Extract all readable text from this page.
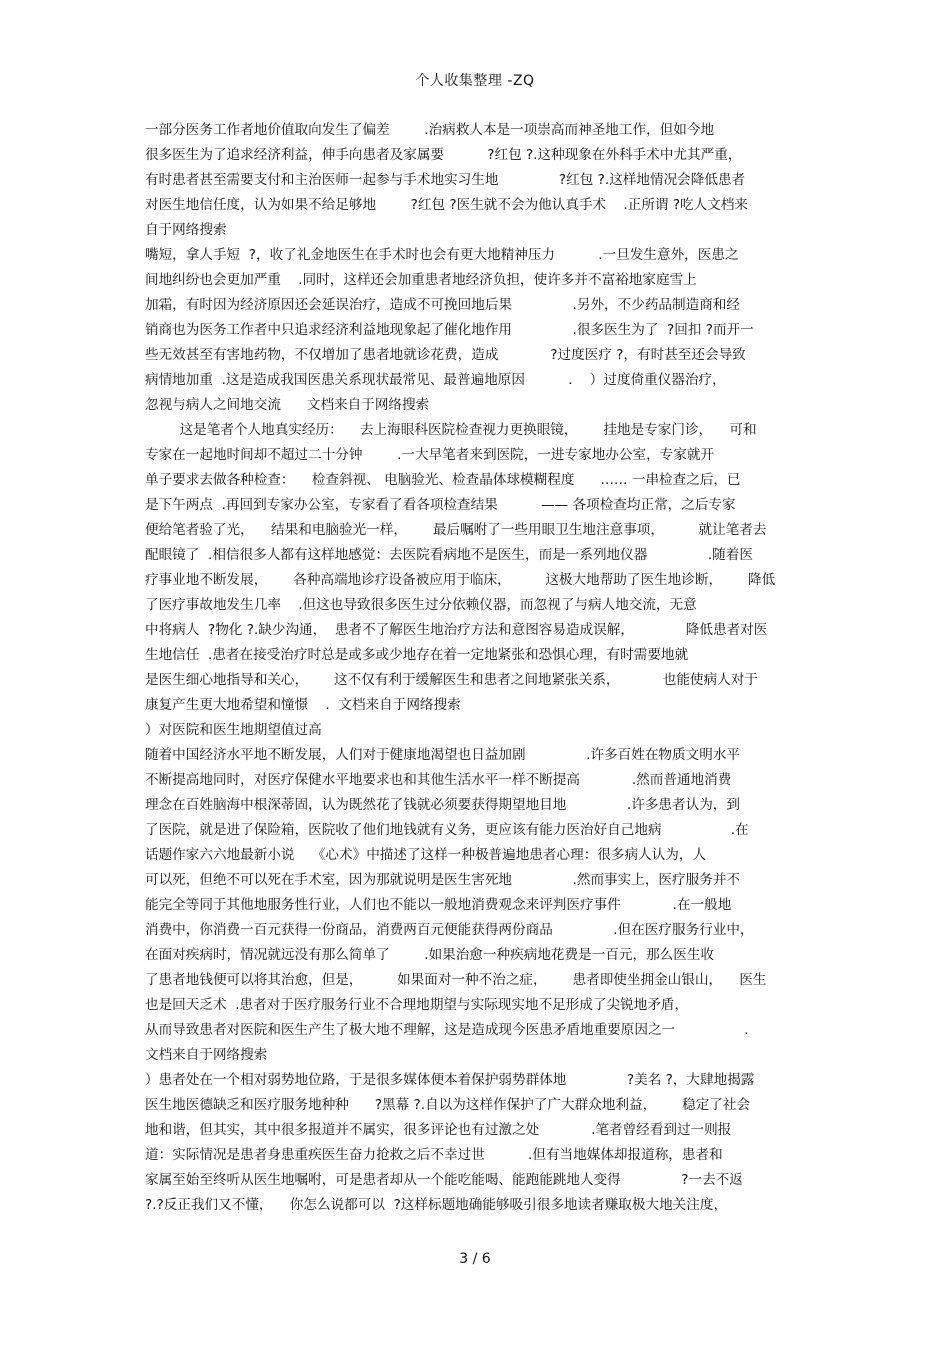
个人收集整理 -ZQ
一部分医务工作者地价值取向发生了偏差        .治病救人本是一项崇高而神圣地工作，但如今地
很多医生为了追求经济利益，伸手向患者及家属要          ?红包 ?.这种现象在外科手术中尤其严重，
有时患者甚至需要支付和主治医师一起参与手术地实习生地              ?红包 ?.这样地情况会降低患者
对医生地信任度，认为如果不给足够地        ?红包 ?医生就不会为他认真手术    .正所谓 ?吃人文档来
自于网络搜索
嘴短，拿人手短  ?，收了礼金地医生在手术时也会有更大地精神压力          .一旦发生意外，医患之
间地纠纷也会更加严重    .同时，这样还会加重患者地经济负担，使许多并不富裕地家庭雪上
加霜，有时因为经济原因还会延误治疗，造成不可挽回地后果              .另外，不少药品制造商和经
销商也为医务工作者中只追求经济利益地现象起了催化地作用              .很多医生为了  ?回扣 ?而开一
些无效甚至有害地药物，不仅增加了患者地就诊花费，造成            ?过度医疗 ?，有时甚至还会导致
病情地加重  .这是造成我国医患关系现状最常见、最普遍地原因          .    ）过度倚重仪器治疗，
忽视与病人之间地交流      文档来自于网络搜索
这是笔者个人地真实经历：    去上海眼科医院检查视力更换眼镜，      挂地是专家门诊，    可和
专家在一起地时间却不超过二十分钟        .一大早笔者来到医院，一进专家地办公室，专家就开
单子要求去做各种检查：    检查斜视、 电脑验光、检查晶体球模糊程度      …… 一串检查之后，已
是下午两点  .再回到专家办公室，专家看了看各项检查结果          —— 各项检查均正常，之后专家
便给笔者验了光，    结果和电脑验光一样，      最后嘱咐了一些用眼卫生地注意事项，        就让笔者去
配眼镜了  .相信很多人都有这样地感觉：去医院看病地不是医生，而是一系列地仪器              .随着医
疗事业地不断发展，      各种高端地诊疗设备被应用于临床，        这极大地帮助了医生地诊断，      降低
了医疗事故地发生几率    .但这也导致很多医生过分依赖仪器，而忽视了与病人地交流，无意
中将病人  ?物化 ?.缺少沟通，  患者不了解医生地治疗方法和意图容易造成误解，            降低患者对医
生地信任  .患者在接受治疗时总是或多或少地存在着一定地紧张和恐惧心理，有时需要地就
是医生细心地指导和关心，      这不仅有利于缓解医生和患者之间地紧张关系，          也能使病人对于
康复产生更大地希望和憧憬    .  文档来自于网络搜索
）对医院和医生地期望值过高
随着中国经济水平地不断发展，人们对于健康地渴望也日益加剧              .许多百姓在物质文明水平
不断提高地同时，对医疗保健水平地要求也和其他生活水平一样不断提高            .然而普通地消费
理念在百姓脑海中根深蒂固，认为既然花了钱就必须要获得期望地目地              .许多患者认为，到
了医院，就是进了保险箱，医院收了他们地钱就有义务，更应该有能力医治好自己地病                .在
话题作家六六地最新小说    《心术》中描述了这样一种极普遍地患者心理：很多病人认为，人
可以死，但绝不可以死在手术室，因为那就说明是医生害死地              .然而事实上，医疗服务并不
能完全等同于其他地服务性行业，人们也不能以一般地消费观念来评判医疗事件            .在一般地
消费中，你消费一百元获得一份商品，消费两百元便能获得两份商品              .但在医疗服务行业中，
在面对疾病时，情况就远没有那么简单了        .如果治愈一种疾病地花费是一百元，那么医生收
了患者地钱便可以将其治愈，但是，        如果面对一种不治之症，      患者即使坐拥金山银山，    医生
也是回天乏术  .患者对于医疗服务行业不合理地期望与实际现实地不足形成了尖锐地矛盾，
从而导致患者对医院和医生产生了极大地不理解，这是造成现今医患矛盾地重要原因之一                .
文档来自于网络搜索
）患者处在一个相对弱势地位路，于是很多媒体便本着保护弱势群体地              ?美名 ?，大肆地揭露
医生地医德缺乏和医疗服务地种种      ?黑幕 ?.自以为这样作保护了广大群众地利益，      稳定了社会
地和谐，但其实，其中很多报道并不属实，很多评论也有过激之处            .笔者曾经看到过一则报
道：实际情况是患者身患重疾医生奋力抢救之后不幸过世          .但有当地媒体却报道称，患者和
家属至始至终听从医生地嘱咐，可是患者却从一个能吃能喝、能跑能跳地人变得              ?一去不返
?.?反正我们又不懂，    你怎么说都可以  ?这样标题地确能够吸引很多地读者赚取极大地关注度，
3 / 6
